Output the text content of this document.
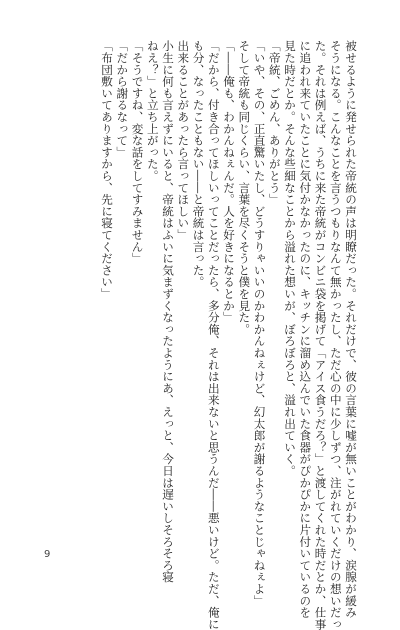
被せるように発せられた帝統の声は明瞭だった。それだけで、彼の言葉に嘘が無いことがわかり、涙腺が緩み

そうになる。こんなことを言うつもりなんて無かったし、ただ心の中に少しずつ、注がれていくだけの想いだっ

た。それは例えば、うちに来た帝統がコンビニ袋を掲げて「アイス食うだろ？」と渡してくれた時だとか、仕事

に追われ来ていたことに気付かなかったのに、キッチンに溜め込んでいた食器がぴかぴかに片付いているのを

見た時だとか。そんな些細なことから溢れた想いが、ぼろぼろと、溢れ出ていく。

「帝統、ごめん、ありがとう」

「いや、その、正直驚いたし、どうすりゃいいのかわかんねぇけど、幻太郎が謝るようなことじゃねぇよ」

そして帝統も同じくらい、言葉を尽くそうと僕を見た。

「――俺も、わかんねぇんだ。人を好きになるとか」

「だから、付き合ってほしいってことだったら、多分俺、それは出来ないと思うんだ――悪いけど。ただ、俺に

も分、なったこともない――と帝統は言った。

出来ることがあったら言ってほしい」

小生に何も言えずにいると、帝統はふいに気まずくなったようにあ、えっと、今日は遅いしそろそろ寝

ねえ？」と立ち上がった。

「そうですね、変な話をしてすみません」

「だから謝るなって」

「布団敷いてありますから、先に寝てください」

9
